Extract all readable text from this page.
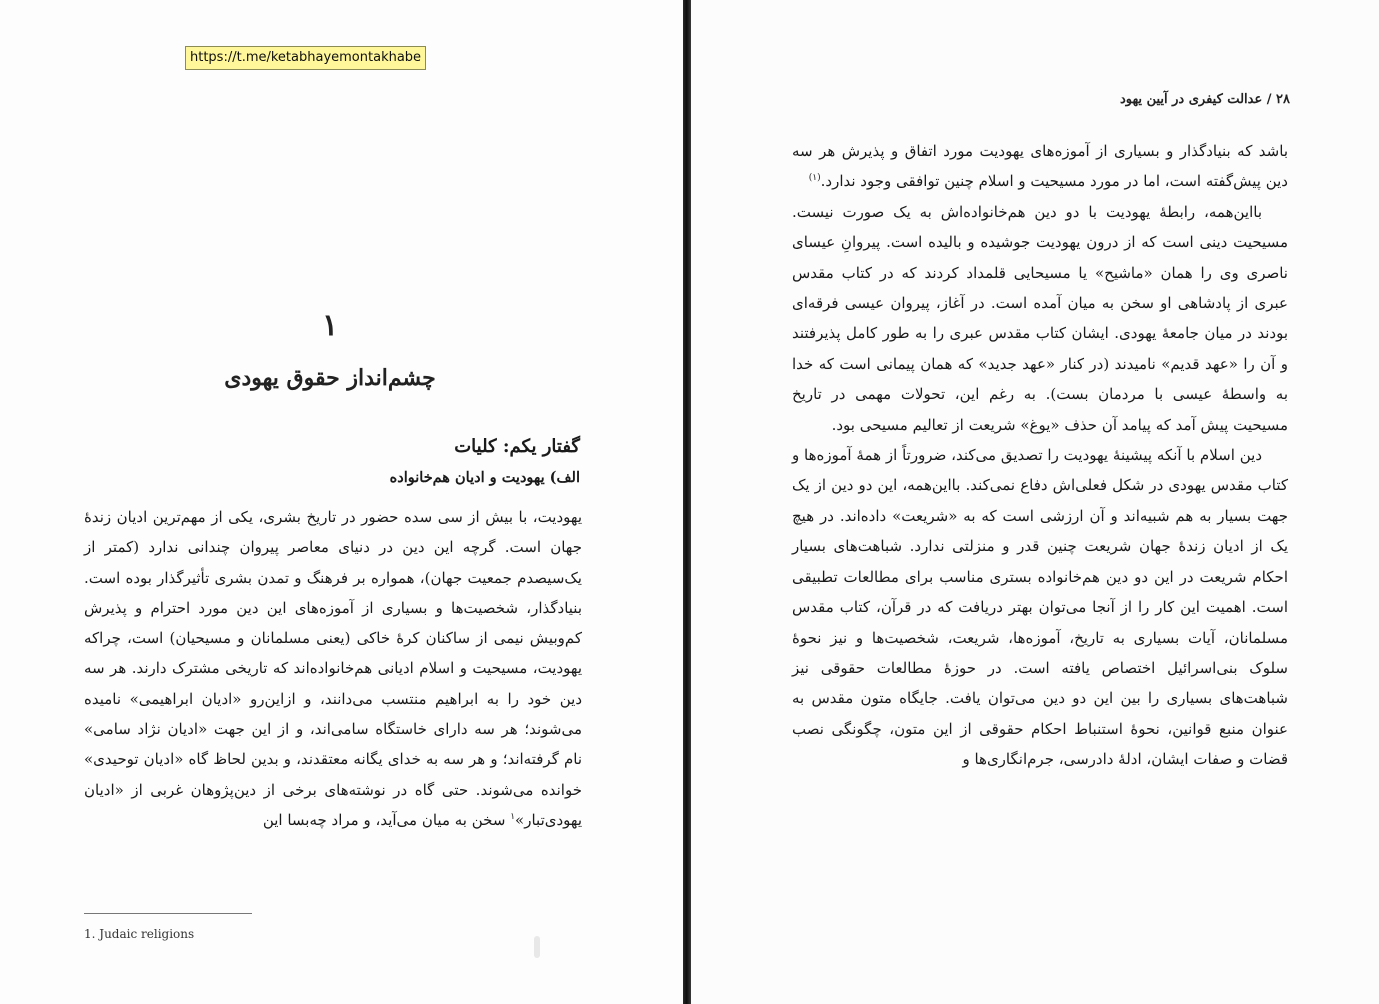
https://t.me/ketabhayemontakhabe
۱
چشم‌انداز حقوق یهودی
گفتار یکم: کلیات
الف) یهودیت و ادیان هم‌خانواده

یهودیت، با بیش از سی سده حضور در تاریخ بشری، یکی از مهم‌ترین ادیان زندهٔ جهان است. گرچه این دین در دنیای معاصر پیروان چندانی ندارد (کمتر از یک‌سیصدم جمعیت جهان)، همواره بر فرهنگ و تمدن بشری تأثیرگذار بوده است. بنیادگذار، شخصیت‌ها و بسیاری از آموزه‌های این دین مورد احترام و پذیرش کم‌وبیش نیمی از ساکنان کرهٔ خاکی (یعنی مسلمانان و مسیحیان) است، چراکه یهودیت، مسیحیت و اسلام ادیانی هم‌خانواده‌اند که تاریخی مشترک دارند. هر سه دین خود را به ابراهیم منتسب می‌دانند، و ازاین‌رو «ادیان ابراهیمی» نامیده می‌شوند؛ هر سه دارای خاستگاه سامی‌اند، و از این جهت «ادیان نژاد سامی» نام گرفته‌اند؛ و هر سه به خدای یگانه معتقدند، و بدین لحاظ گاه «ادیان توحیدی» خوانده می‌شوند. حتی گاه در نوشته‌های برخی از دین‌پژوهان غربی از «ادیان یهودی‌تبار»$^۱$ سخن به میان می‌آید، و مراد چه‌بسا این

1. Judaic religions
۲۸ / عدالت کیفری در آیین یهود

باشد که بنیادگذار و بسیاری از آموزه‌های یهودیت مورد اتفاق و پذیرش هر سه دین پیش‌گفته است، اما در مورد مسیحیت و اسلام چنین توافقی وجود ندارد.$^{(۱)}$

بااین‌همه، رابطهٔ یهودیت با دو دین هم‌خانواده‌اش به یک صورت نیست. مسیحیت دینی است که از درون یهودیت جوشیده و بالیده است. پیروانِ عیسای ناصری وی را همان «ماشیح» یا مسیحایی قلمداد کردند که در کتاب مقدس عبری از پادشاهی او سخن به میان آمده است. در آغاز، پیروان عیسی فرقه‌ای بودند در میان جامعهٔ یهودی. ایشان کتاب مقدس عبری را به طور کامل پذیرفتند و آن را «عهد قدیم» نامیدند (در کنار «عهد جدید» که همان پیمانی است که خدا به واسطهٔ عیسی با مردمان بست). به رغم این، تحولات مهمی در تاریخ مسیحیت پیش آمد که پیامد آن حذف «یوغ» شریعت از تعالیم مسیحی بود.

دین اسلام با آنکه پیشینهٔ یهودیت را تصدیق می‌کند، ضرورتاً از همهٔ آموزه‌ها و کتاب مقدس یهودی در شکل فعلی‌اش دفاع نمی‌کند. بااین‌همه، این دو دین از یک جهت بسیار به هم شبیه‌اند و آن ارزشی است که به «شریعت» داده‌اند. در هیچ یک از ادیان زندهٔ جهان شریعت چنین قدر و منزلتی ندارد. شباهت‌های بسیار احکام شریعت در این دو دین هم‌خانواده بستری مناسب برای مطالعات تطبیقی است. اهمیت این کار را از آنجا می‌توان بهتر دریافت که در قرآن، کتاب مقدس مسلمانان، آیات بسیاری به تاریخ، آموزه‌ها، شریعت، شخصیت‌ها و نیز نحوهٔ سلوک بنی‌اسرائیل اختصاص یافته است. در حوزهٔ مطالعات حقوقی نیز شباهت‌های بسیاری را بین این دو دین می‌توان یافت. جایگاه متون مقدس به عنوان منبع قوانین، نحوهٔ استنباط احکام حقوقی از این متون، چگونگی نصب قضات و صفات ایشان، ادلهٔ دادرسی، جرم‌انگاری‌ها و
